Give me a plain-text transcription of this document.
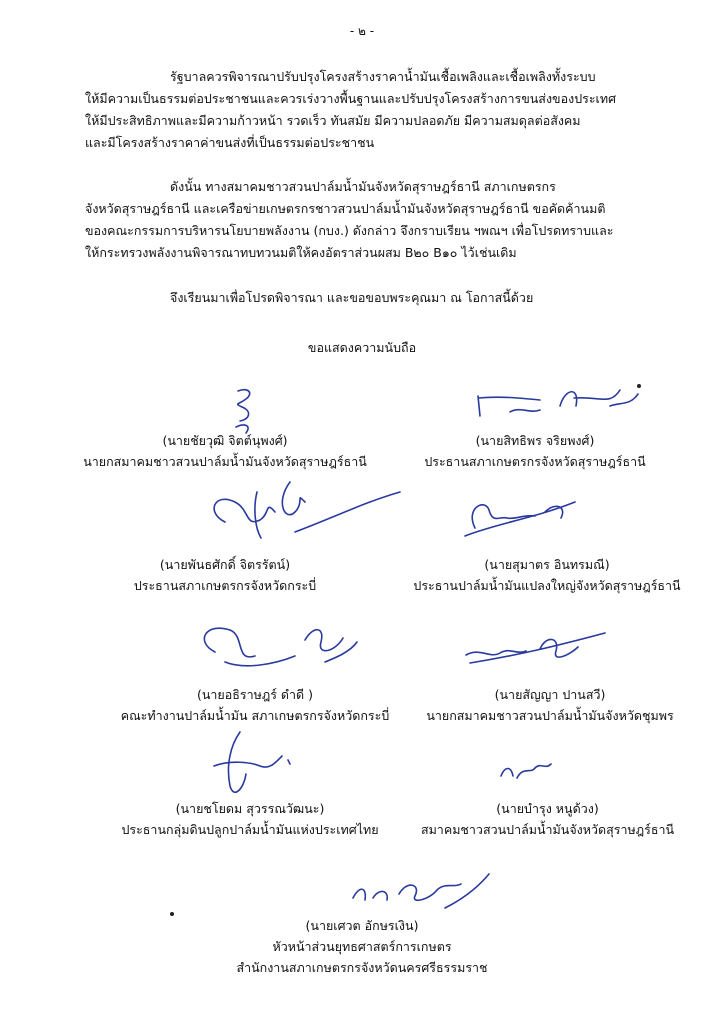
- ๒ -
รัฐบาลควรพิจารณาปรับปรุงโครงสร้างราคาน้ำมันเชื้อเพลิงและเชื้อเพลิงทั้งระบบ
ให้มีความเป็นธรรมต่อประชาชนและควรเร่งวางพื้นฐานและปรับปรุงโครงสร้างการขนส่งของประเทศ
ให้มีประสิทธิภาพและมีความก้าวหน้า รวดเร็ว ทันสมัย มีความปลอดภัย มีความสมดุลต่อสังคม
และมีโครงสร้างราคาค่าขนส่งที่เป็นธรรมต่อประชาชน
ดังนั้น ทางสมาคมชาวสวนปาล์มน้ำมันจังหวัดสุราษฎร์ธานี สภาเกษตรกร
จังหวัดสุราษฎร์ธานี และเครือข่ายเกษตรกรชาวสวนปาล์มน้ำมันจังหวัดสุราษฎร์ธานี ขอคัดค้านมติ
ของคณะกรรมการบริหารนโยบายพลังงาน (กบง.) ดังกล่าว จึงกราบเรียน ฯพณฯ เพื่อโปรดทราบและ
ให้กระทรวงพลังงานพิจารณาทบทวนมติให้คงอัตราส่วนผสม B๒๐ B๑๐ ไว้เช่นเดิม
จึงเรียนมาเพื่อโปรดพิจารณา และขอขอบพระคุณมา ณ โอกาสนี้ด้วย
ขอแสดงความนับถือ
(นายชัยวุฒิ จิตต์นุพงศ์)
นายกสมาคมชาวสวนปาล์มน้ำมันจังหวัดสุราษฎร์ธานี
(นายสิทธิพร จริยพงศ์)
ประธานสภาเกษตรกรจังหวัดสุราษฎร์ธานี
(นายพันธศักดิ์ จิตรรัตน์)
ประธานสภาเกษตรกรจังหวัดกระบี่
(นายสุมาตร อินทรมณี)
ประธานปาล์มน้ำมันแปลงใหญ่จังหวัดสุราษฎร์ธานี
(นายอธิราษฎร์ ดำดี )
คณะทำงานปาล์มน้ำมัน สภาเกษตรกรจังหวัดกระบี่
(นายสัญญา ปานสวี)
นายกสมาคมชาวสวนปาล์มน้ำมันจังหวัดชุมพร
(นายชโยดม สุวรรณวัฒนะ)
ประธานกลุ่มดินปลูกปาล์มน้ำมันแห่งประเทศไทย
(นายบำรุง หนูด้วง)
สมาคมชาวสวนปาล์มน้ำมันจังหวัดสุราษฎร์ธานี
(นายเศวต อักษรเงิน)
หัวหน้าส่วนยุทธศาสตร์การเกษตร
สำนักงานสภาเกษตรกรจังหวัดนครศรีธรรมราช
